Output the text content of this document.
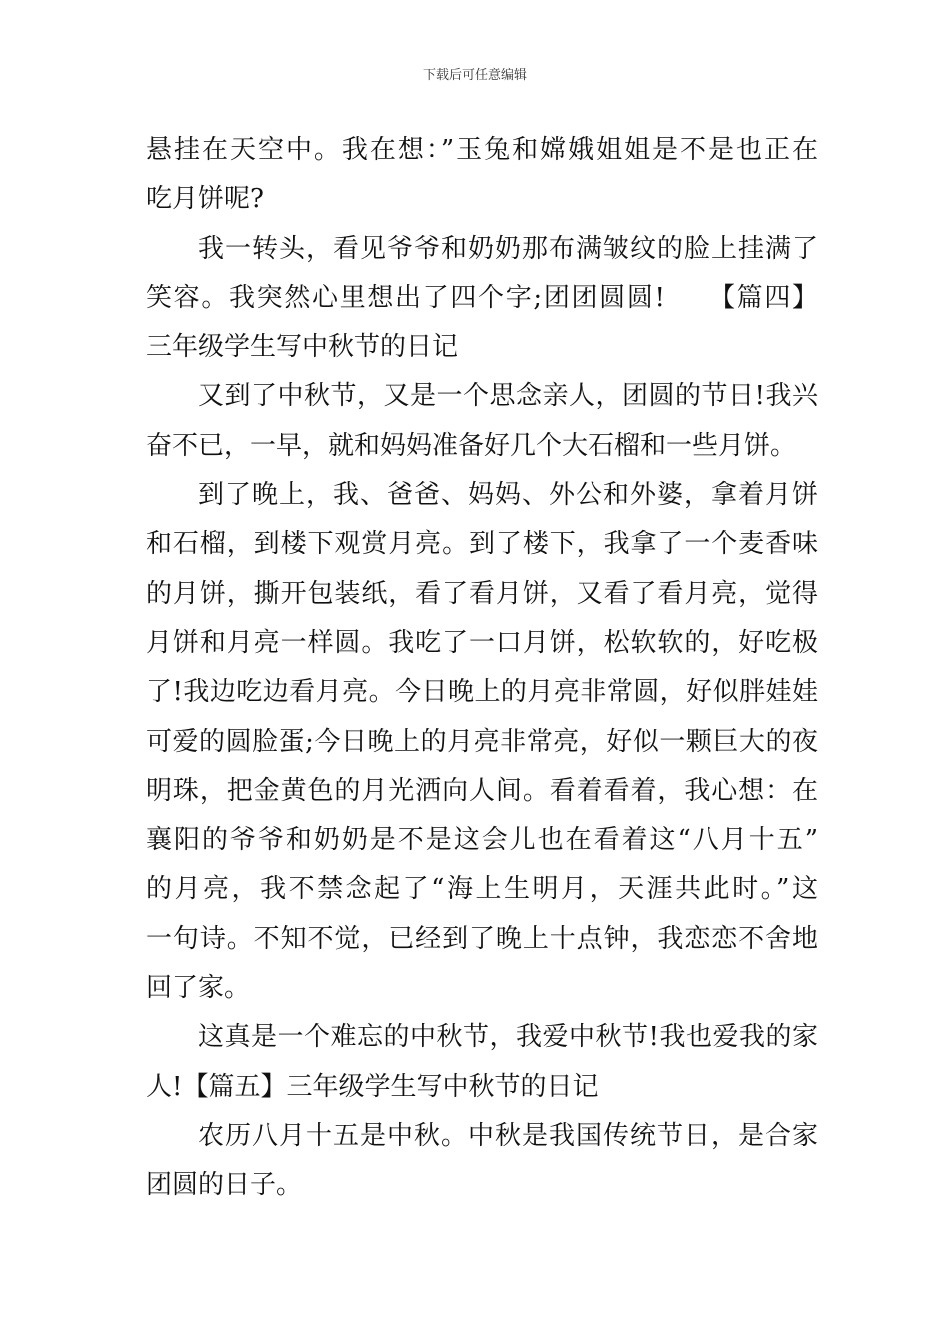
下载后可任意编辑
悬挂在天空中。我在想：”玉兔和嫦娥姐姐是不是也正在
吃月饼呢?
我一转头，看见爷爷和奶奶那布满皱纹的脸上挂满了
笑容。我突然心里想出了四个字;团团圆圆!　　【篇四】
三年级学生写中秋节的日记
又到了中秋节，又是一个思念亲人，团圆的节日!我兴
奋不已，一早，就和妈妈准备好几个大石榴和一些月饼。
到了晚上，我、爸爸、妈妈、外公和外婆，拿着月饼
和石榴，到楼下观赏月亮。到了楼下，我拿了一个麦香味
的月饼，撕开包装纸，看了看月饼，又看了看月亮，觉得
月饼和月亮一样圆。我吃了一口月饼，松软软的，好吃极
了!我边吃边看月亮。今日晚上的月亮非常圆，好似胖娃娃
可爱的圆脸蛋;今日晚上的月亮非常亮，好似一颗巨大的夜
明珠，把金黄色的月光洒向人间。看着看着，我心想：在
襄阳的爷爷和奶奶是不是这会儿也在看着这“八月十五”
的月亮，我不禁念起了“海上生明月，天涯共此时。”这
一句诗。不知不觉，已经到了晚上十点钟，我恋恋不舍地
回了家。
这真是一个难忘的中秋节，我爱中秋节!我也爱我的家
人!【篇五】三年级学生写中秋节的日记
农历八月十五是中秋。中秋是我国传统节日，是合家
团圆的日子。
